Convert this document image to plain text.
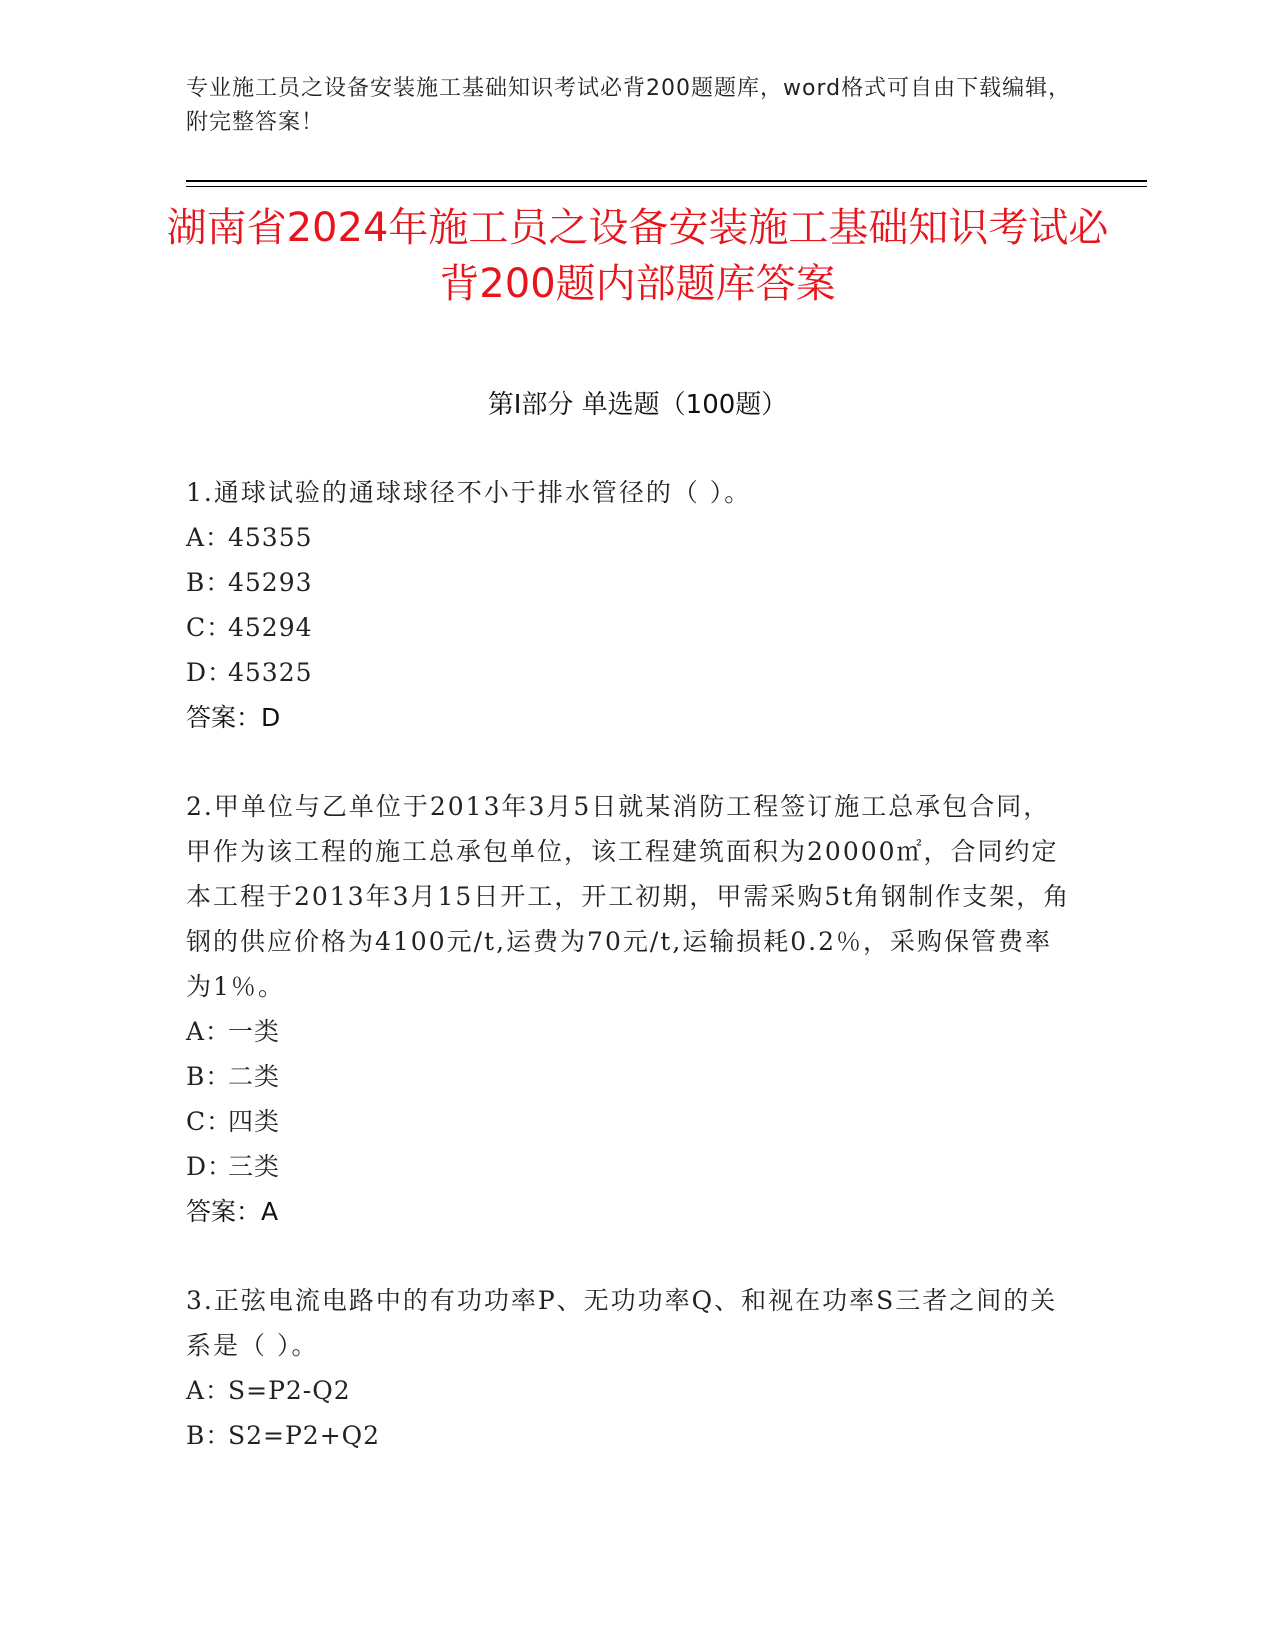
专业施工员之设备安装施工基础知识考试必背200题题库，word格式可自由下载编辑，附完整答案！
湖南省2024年施工员之设备安装施工基础知识考试必背200题内部题库答案
第Ⅰ部分 单选题（100题）
1.通球试验的通球球径不小于排水管径的（ ）。
A：45355
B：45293
C：45294
D：45325
答案：D
2.甲单位与乙单位于2013年3月5日就某消防工程签订施工总承包合同，甲作为该工程的施工总承包单位，该工程建筑面积为20000㎡，合同约定本工程于2013年3月15日开工，开工初期，甲需采购5t角钢制作支架，角钢的供应价格为4100元/t,运费为70元/t,运输损耗0.2％，采购保管费率为1％。
A：一类
B：二类
C：四类
D：三类
答案：A
3.正弦电流电路中的有功功率P、无功功率Q、和视在功率S三者之间的关系是（ ）。
A：S=P2-Q2
B：S2=P2+Q2
